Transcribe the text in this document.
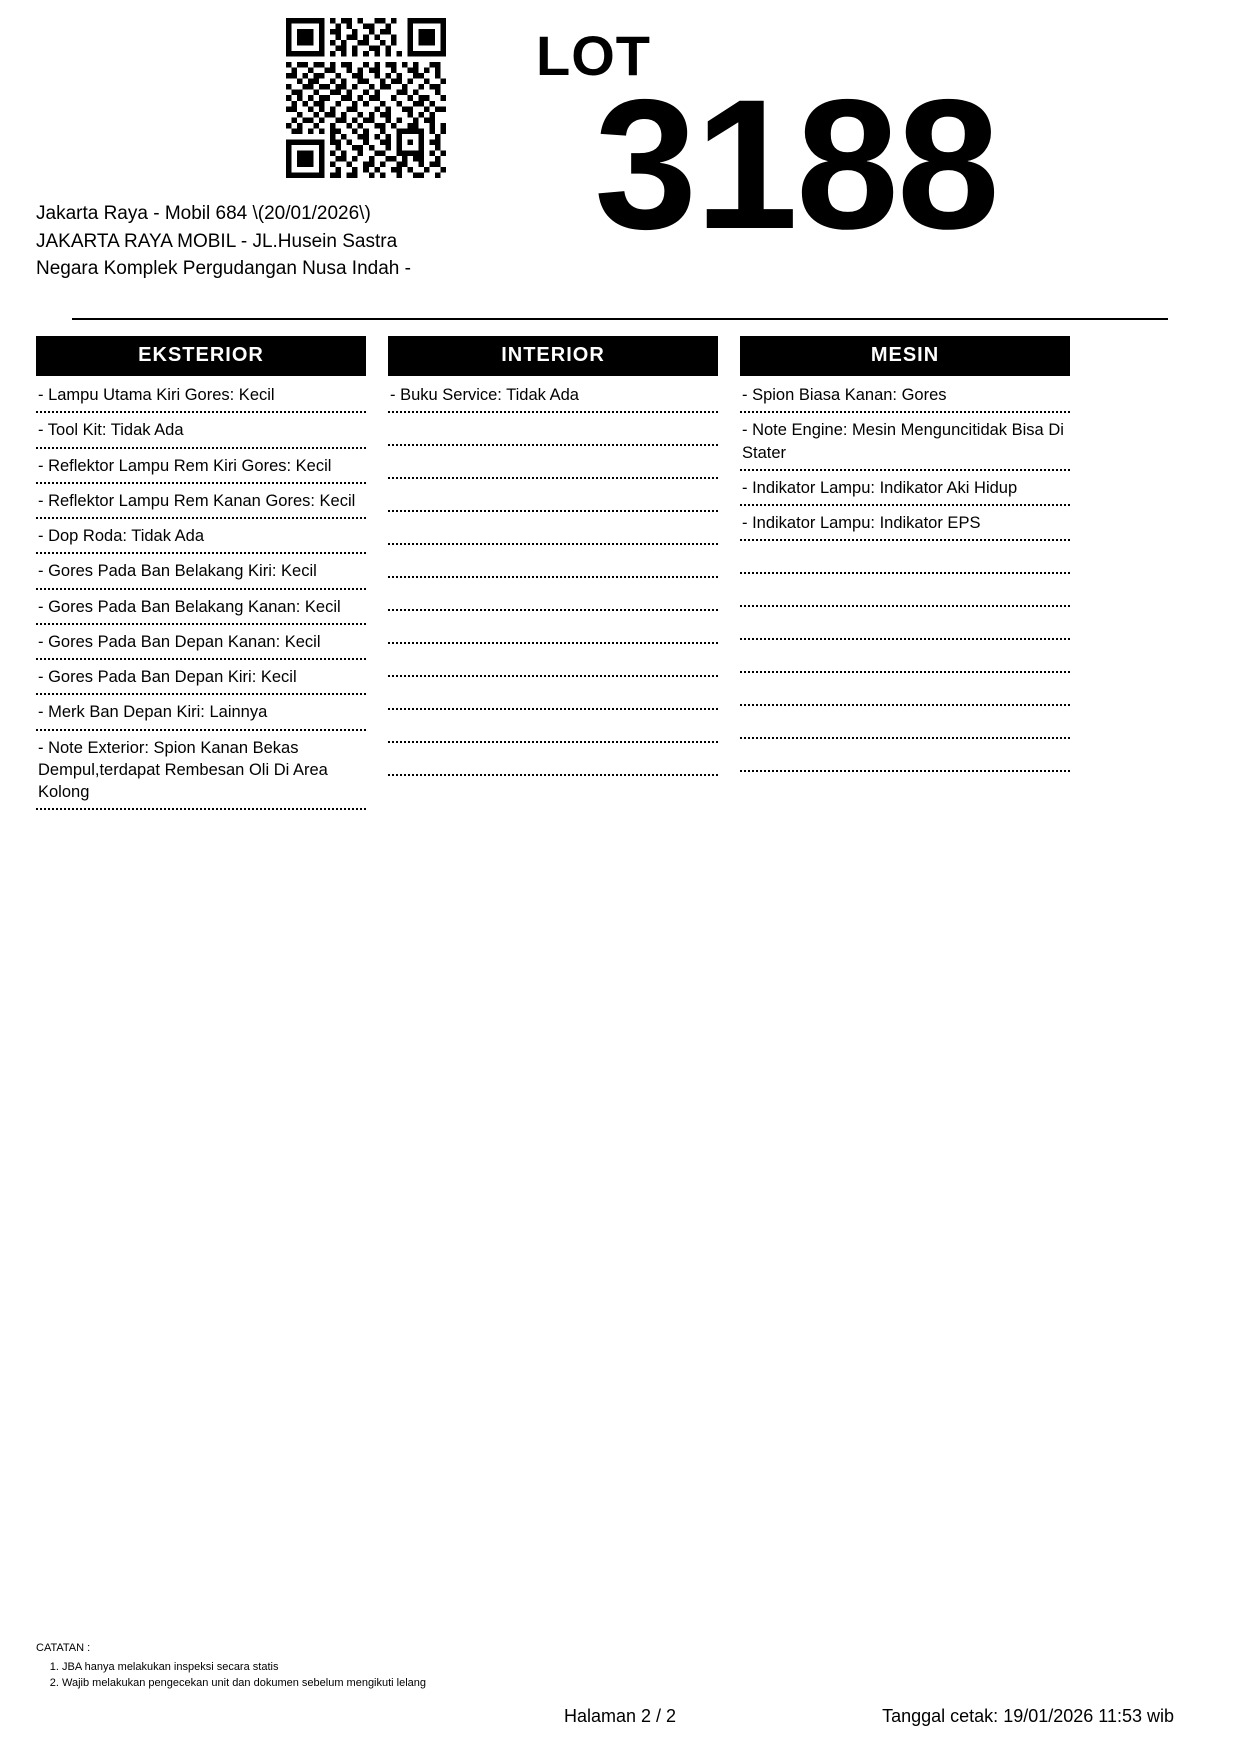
LOT
3188
Jakarta Raya - Mobil 684 \(20/01/2026\)
JAKARTA RAYA MOBIL - JL.Husein Sastra
Negara Komplek Pergudangan Nusa Indah -
EKSTERIOR
- Lampu Utama Kiri Gores: Kecil
- Tool Kit: Tidak Ada
- Reflektor Lampu Rem Kiri Gores: Kecil
- Reflektor Lampu Rem Kanan Gores: Kecil
- Dop Roda: Tidak Ada
- Gores Pada Ban Belakang Kiri: Kecil
- Gores Pada Ban Belakang Kanan: Kecil
- Gores Pada Ban Depan Kanan: Kecil
- Gores Pada Ban Depan Kiri: Kecil
- Merk Ban Depan Kiri: Lainnya
- Note Exterior: Spion Kanan Bekas Dempul,terdapat Rembesan Oli Di Area Kolong
INTERIOR
- Buku Service: Tidak Ada
MESIN
- Spion Biasa Kanan: Gores
- Note Engine: Mesin Menguncitidak Bisa Di Stater
- Indikator Lampu: Indikator Aki Hidup
- Indikator Lampu: Indikator EPS
CATATAN :
1. JBA hanya melakukan inspeksi secara statis
2. Wajib melakukan pengecekan unit dan dokumen sebelum mengikuti lelang
Halaman 2 / 2	Tanggal cetak: 19/01/2026 11:53 wib
